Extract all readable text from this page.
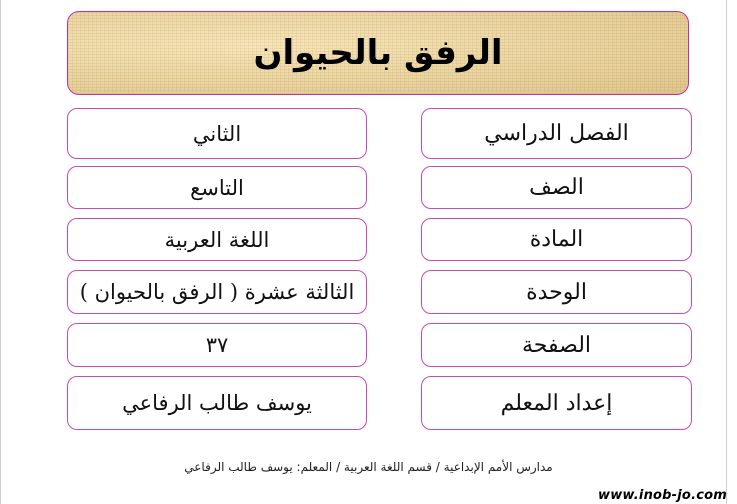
الرفق بالحيوان
الفصل الدراسي
الثاني
الصف
التاسع
المادة
اللغة العربية
الوحدة
الثالثة عشرة ( الرفق بالحيوان )
الصفحة
٣٧
إعداد المعلم
يوسف طالب الرفاعي
مدارس الأمم الإبداعية / قسم اللغة العربية / المعلم: يوسف طالب الرفاعي
www.inob-jo.com
